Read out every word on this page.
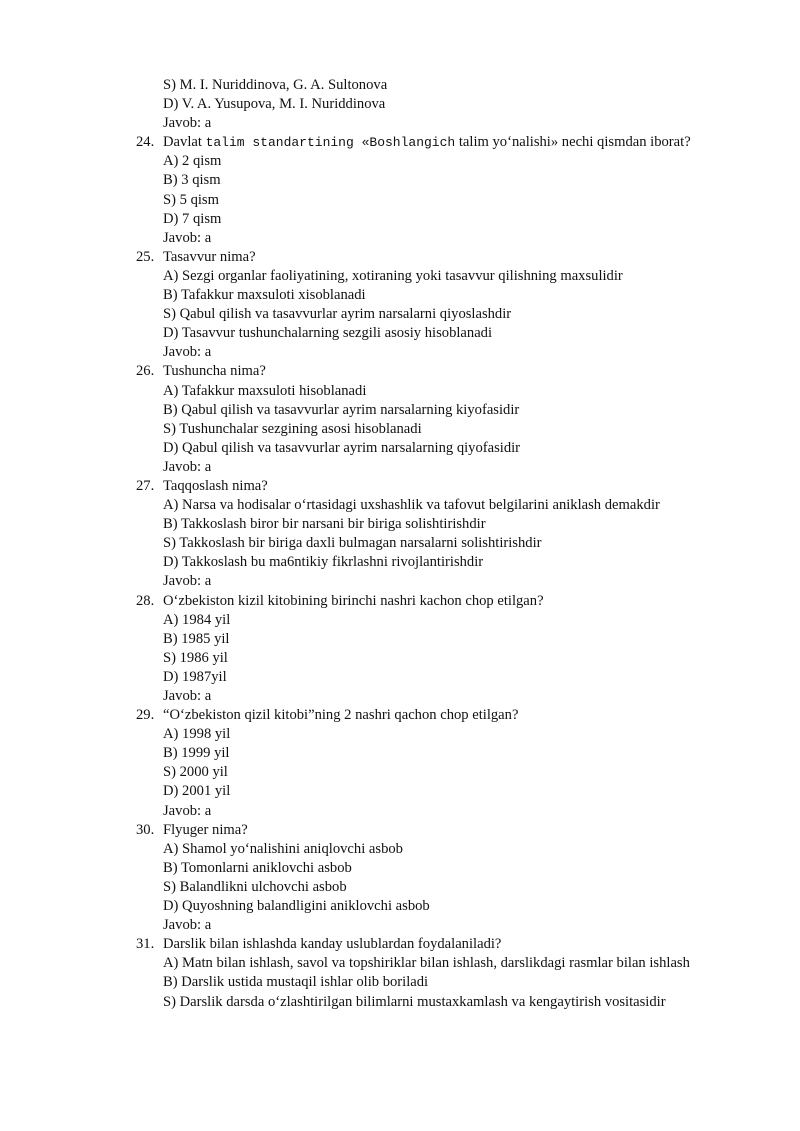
S) M. I. Nuriddinova, G. A. Sultonova
D) V. A. Yusupova, M. I. Nuriddinova
Javob: a
24. Davlat talim standartining «Boshlangich talim yo‘nalishi» nechi qismdan iborat?
A) 2 qism
B) 3 qism
S) 5 qism
D) 7 qism
Javob: a
25. Tasavvur nima?
A) Sezgi organlar faoliyatining, xotiraning yoki tasavvur qilishning maxsulidir
B) Tafakkur maxsuloti xisoblanadi
S) Qabul qilish va tasavvurlar ayrim narsalarni qiyoslashdir
D) Tasavvur tushunchalarning sezgili asosiy hisoblanadi
Javob: a
26. Tushuncha nima?
A) Tafakkur maxsuloti hisoblanadi
B) Qabul qilish va tasavvurlar ayrim narsalarning kiyofasidir
S) Tushunchalar sezgining asosi hisoblanadi
D) Qabul qilish va tasavvurlar ayrim narsalarning qiyofasidir
Javob: a
27. Taqqoslash nima?
A) Narsa va hodisalar o‘rtasidagi uxshashlik va tafovut belgilarini aniklash demakdir
B) Takkoslash biror bir narsani bir biriga solishtirishdir
S) Takkoslash bir biriga daxli bulmagan narsalarni solishtirishdir
D) Takkoslash bu ma6ntikiy fikrlashni rivojlantirishdir
Javob: a
28. O‘zbekiston kizil kitobining birinchi nashri kachon chop etilgan?
A) 1984 yil
B) 1985 yil
S) 1986 yil
D) 1987yil
Javob: a
29. “O‘zbekiston qizil kitobi”ning 2 nashri qachon chop etilgan?
A) 1998 yil
B) 1999 yil
S) 2000 yil
D) 2001 yil
Javob: a
30. Flyuger nima?
A) Shamol yo‘nalishini aniqlovchi asbob
B) Tomonlarni aniklovchi asbob
S) Balandlikni ulchovchi asbob
D) Quyoshning balandligini aniklovchi asbob
Javob: a
31. Darslik bilan ishlashda kanday uslublardan foydalaniladi?
A) Matn bilan ishlash, savol va topshiriklar bilan ishlash, darslikdagi rasmlar bilan ishlash
B) Darslik ustida mustaqil ishlar olib boriladi
S) Darslik darsda o‘zlashtirilgan bilimlarni mustaxkamlash va kengaytirish vositasidir
